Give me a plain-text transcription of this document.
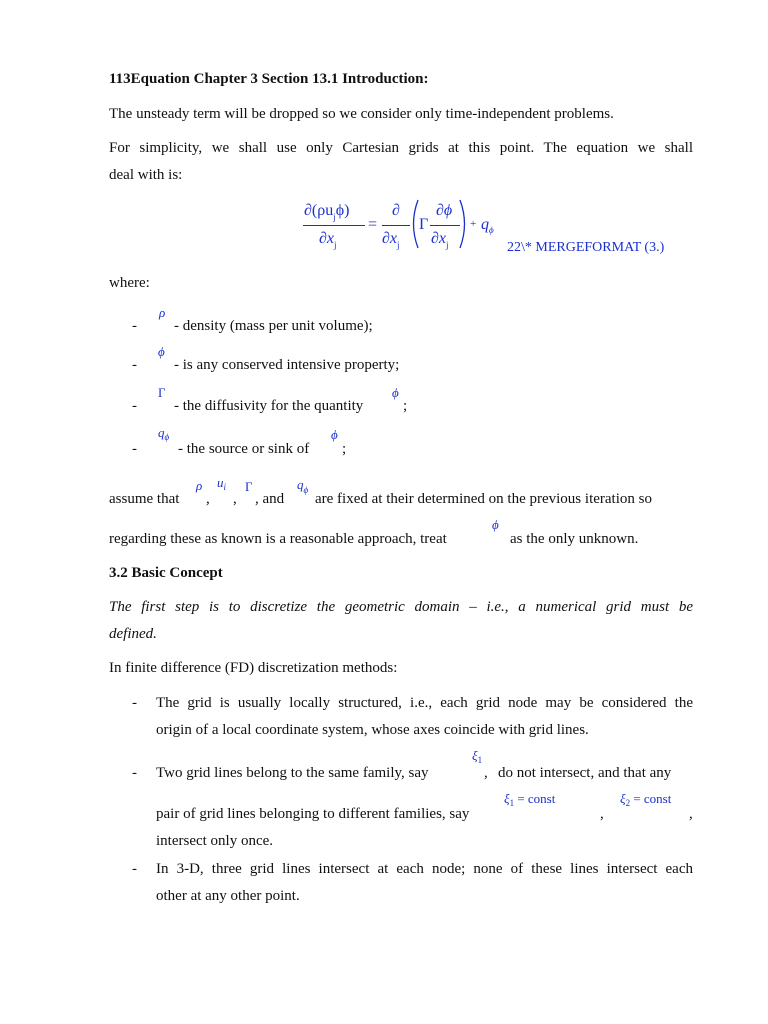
113Equation Chapter 3 Section 13.1 Introduction:
The unsteady term will be dropped so we consider only time-independent problems.
For simplicity, we shall use only Cartesian grids at this point. The equation we shall
deal with is:
$\partial(\rho u_j\phi)$
$\partial x_j$
=
∂
$\partial x_j$
Γ
∂ϕ
$\partial x_j$
+ $q_\phi$
22\* MERGEFORMAT (3.)
where:
-
ρ
- density (mass per unit volume);
-
ϕ
- is any conserved intensive property;
-
Γ
- the diffusivity for the quantity
ϕ
;
-
$q_\phi$
- the source or sink of
ϕ
;
assume that
ρ
,
$u_i$
,
Γ
, and
$q_\phi$
are fixed at their determined on the previous iteration so
regarding these as known is a reasonable approach, treat
ϕ
as the only unknown.
3.2 Basic Concept
The first step is to discretize the geometric domain – i.e., a numerical grid must be
defined.
In finite difference (FD) discretization methods:
- The grid is usually locally structured, i.e., each grid node may be considered the
origin of a local coordinate system, whose axes coincide with grid lines.
- Two grid lines belong to the same family, say
$\xi_1$
, do not intersect, and that any
pair of grid lines belonging to different families, say
$\xi_1$ = const
,
$\xi_2$ = const
,
intersect only once.
- In 3-D, three grid lines intersect at each node; none of these lines intersect each
other at any other point.
